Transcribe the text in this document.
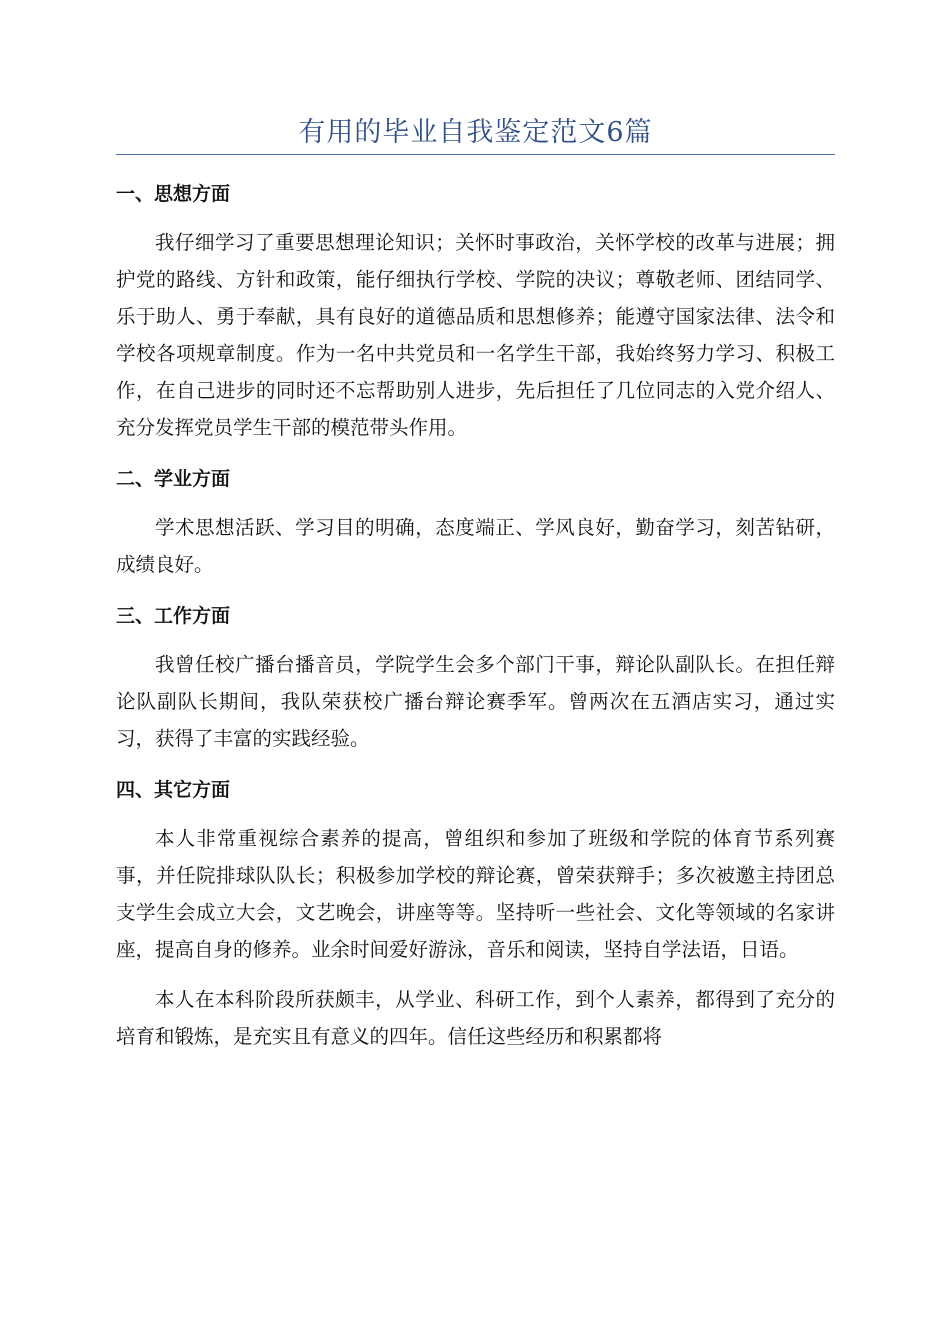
有用的毕业自我鉴定范文6篇
一、思想方面

我仔细学习了重要思想理论知识；关怀时事政治，关怀学校的改革与进展；拥护党的路线、方针和政策，能仔细执行学校、学院的决议；尊敬老师、团结同学、乐于助人、勇于奉献，具有良好的道德品质和思想修养；能遵守国家法律、法令和学校各项规章制度。作为一名中共党员和一名学生干部，我始终努力学习、积极工作，在自己进步的同时还不忘帮助别人进步，先后担任了几位同志的入党介绍人、充分发挥党员学生干部的模范带头作用。

二、学业方面

学术思想活跃、学习目的明确，态度端正、学风良好，勤奋学习，刻苦钻研，成绩良好。

三、工作方面

我曾任校广播台播音员，学院学生会多个部门干事，辩论队副队长。在担任辩论队副队长期间，我队荣获校广播台辩论赛季军。曾两次在五酒店实习，通过实习，获得了丰富的实践经验。

四、其它方面

本人非常重视综合素养的提高，曾组织和参加了班级和学院的体育节系列赛事，并任院排球队队长；积极参加学校的辩论赛，曾荣获辩手；多次被邀主持团总支学生会成立大会，文艺晚会，讲座等等。坚持听一些社会、文化等领域的名家讲座，提高自身的修养。业余时间爱好游泳，音乐和阅读，坚持自学法语，日语。

本人在本科阶段所获颇丰，从学业、科研工作，到个人素养，都得到了充分的培育和锻炼，是充实且有意义的四年。信任这些经历和积累都将
